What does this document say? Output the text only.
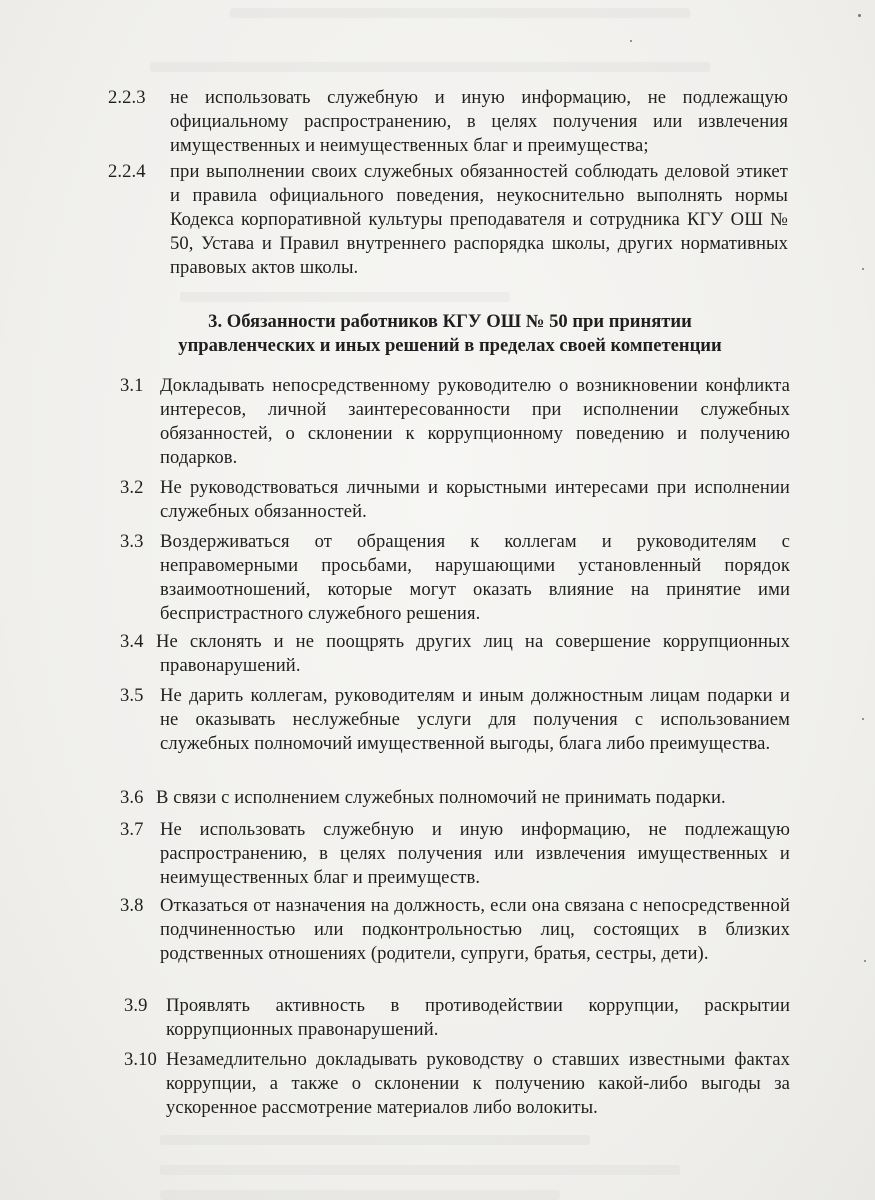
2.2.3 не использовать служебную и иную информацию, не подлежащую официальному распространению, в целях получения или извлечения имущественных и неимущественных благ и преимущества;
2.2.4 при выполнении своих служебных обязанностей соблюдать деловой этикет и правила официального поведения, неукоснительно выполнять нормы Кодекса корпоративной культуры преподавателя и сотрудника КГУ ОШ № 50, Устава и Правил внутреннего распорядка школы, других нормативных правовых актов школы.
3. Обязанности работников КГУ ОШ № 50 при принятии
управленческих и иных решений в пределах своей компетенции
3.1 Докладывать непосредственному руководителю о возникновении конфликта интересов, личной заинтересованности при исполнении служебных обязанностей, о склонении к коррупционному поведению и получению подарков.
3.2 Не руководствоваться личными и корыстными интересами при исполнении служебных обязанностей.
3.3 Воздерживаться от обращения к коллегам и руководителям с неправомерными просьбами, нарушающими установленный порядок взаимоотношений, которые могут оказать влияние на принятие ими беспристрастного служебного решения.
3.4 Не склонять и не поощрять других лиц на совершение коррупционных правонарушений.
3.5 Не дарить коллегам, руководителям и иным должностным лицам подарки и не оказывать неслужебные услуги для получения с использованием служебных полномочий имущественной выгоды, блага либо преимущества.
3.6 В связи с исполнением служебных полномочий не принимать подарки.
3.7 Не использовать служебную и иную информацию, не подлежащую распространению, в целях получения или извлечения имущественных и неимущественных благ и преимуществ.
3.8 Отказаться от назначения на должность, если она связана с непосредственной подчиненностью или подконтрольностью лиц, состоящих в близких родственных отношениях (родители, супруги, братья, сестры, дети).
3.9 Проявлять активность в противодействии коррупции, раскрытии коррупционных правонарушений.
3.10 Незамедлительно докладывать руководству о ставших известными фактах коррупции, а также о склонении к получению какой-либо выгоды за ускоренное рассмотрение материалов либо волокиты.
